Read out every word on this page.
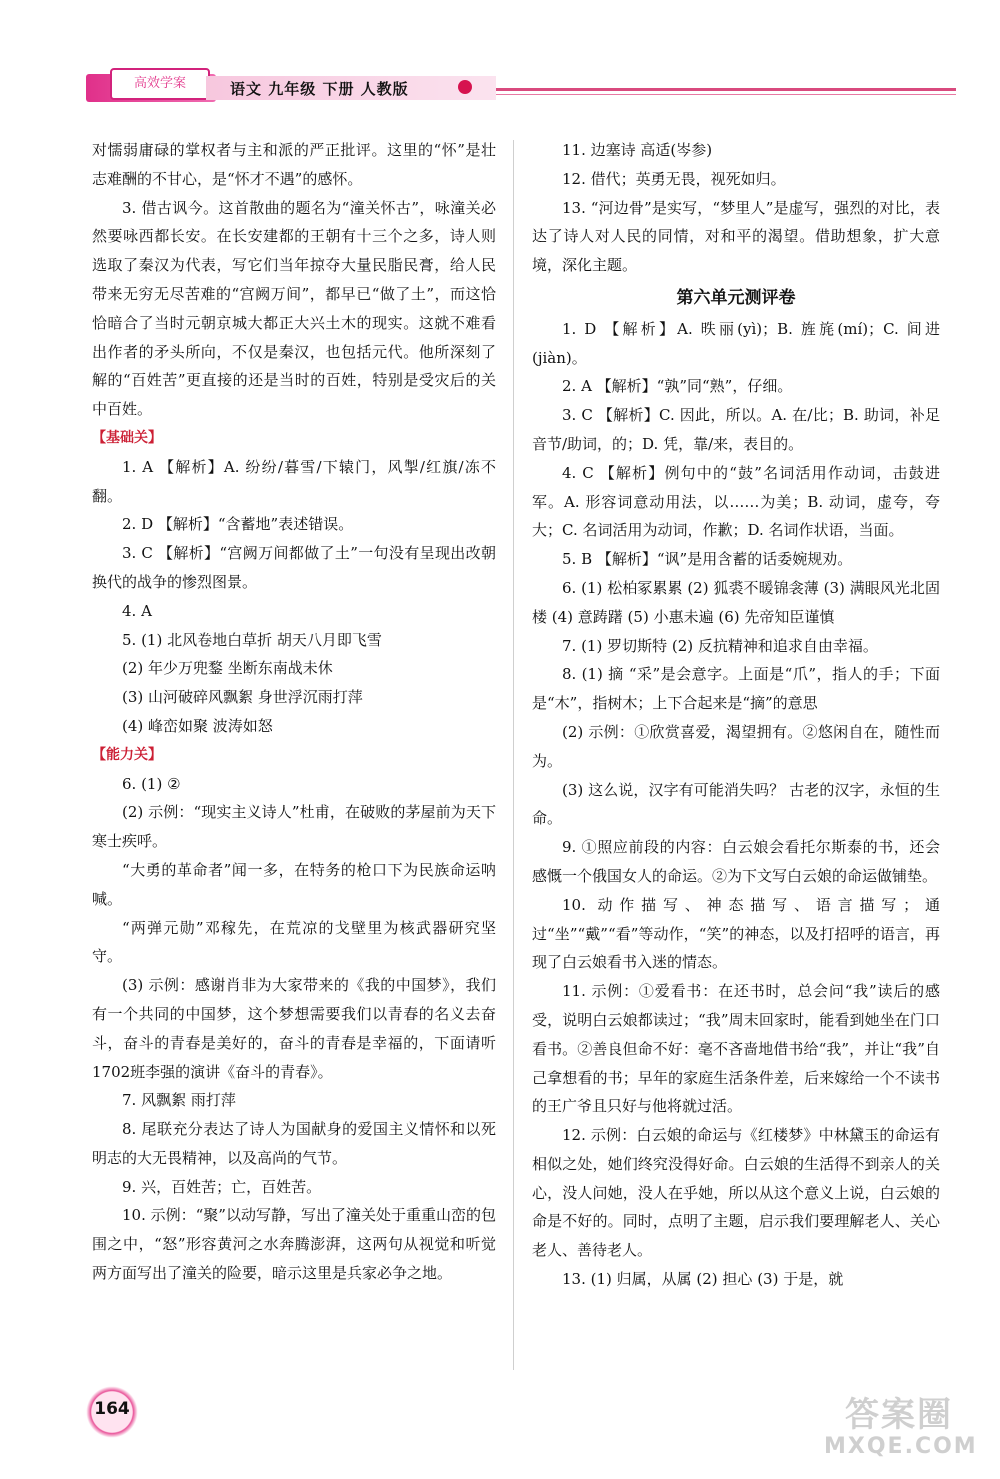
高效学案	语文 九年级 下册 人教版

对懦弱庸碌的掌权者与主和派的严正批评。这里的“怀”是壮志难酬的不甘心，是“怀才不遇”的感怀。

3. 借古讽今。这首散曲的题名为“潼关怀古”，咏潼关必然要咏西都长安。在长安建都的王朝有十三个之多，诗人则选取了秦汉为代表，写它们当年掠夺大量民脂民膏，给人民带来无穷无尽苦难的“宫阙万间”，都早已“做了土”，而这恰恰暗合了当时元朝京城大都正大兴土木的现实。这就不难看出作者的矛头所向，不仅是秦汉，也包括元代。他所深刻了解的“百姓苦”更直接的还是当时的百姓，特别是受灾后的关中百姓。

【基础关】

1. A 【解析】A. 纷纷/暮雪/下辕门，风掣/红旗/冻不翻。

2. D 【解析】“含蓄地”表述错误。

3. C 【解析】“宫阙万间都做了土”一句没有呈现出改朝换代的战争的惨烈图景。

4. A

5. (1) 北风卷地白草折 胡天八月即飞雪

(2) 年少万兜鍪 坐断东南战未休

(3) 山河破碎风飘絮 身世浮沉雨打萍

(4) 峰峦如聚 波涛如怒

【能力关】

6. (1) ②

(2) 示例：“现实主义诗人”杜甫，在破败的茅屋前为天下寒士疾呼。

“大勇的革命者”闻一多，在特务的枪口下为民族命运呐喊。

“两弹元勋”邓稼先，在荒凉的戈壁里为核武器研究坚守。

(3) 示例：感谢肖非为大家带来的《我的中国梦》，我们有一个共同的中国梦，这个梦想需要我们以青春的名义去奋斗，奋斗的青春是美好的，奋斗的青春是幸福的，下面请听1702班李强的演讲《奋斗的青春》。

7. 风飘絮 雨打萍

8. 尾联充分表达了诗人为国献身的爱国主义情怀和以死明志的大无畏精神，以及高尚的气节。

9. 兴，百姓苦；亡，百姓苦。

10. 示例：“聚”以动写静，写出了潼关处于重重山峦的包围之中，“怒”形容黄河之水奔腾澎湃，这两句从视觉和听觉两方面写出了潼关的险要，暗示这里是兵家必争之地。

11. 边塞诗 高适(岑参)

12. 借代；英勇无畏，视死如归。

13. “河边骨”是实写，“梦里人”是虚写，强烈的对比，表达了诗人对人民的同情，对和平的渴望。借助想象，扩大意境，深化主题。

第六单元测评卷

1. D 【解析】A. 昳丽(yì)；B. 旌旄(mí)；C. 间进(jiàn)。

2. A 【解析】“孰”同“熟”，仔细。

3. C 【解析】C. 因此，所以。A. 在/比；B. 助词，补足音节/助词，的；D. 凭，靠/来，表目的。

4. C 【解析】例句中的“鼓”名词活用作动词，击鼓进军。A. 形容词意动用法，以……为美；B. 动词，虚夸，夸大；C. 名词活用为动词，作歉；D. 名词作状语，当面。

5. B 【解析】“讽”是用含蓄的话委婉规劝。

6. (1) 松柏冢累累 (2) 狐裘不暖锦衾薄 (3) 满眼风光北固楼 (4) 意踌躇 (5) 小惠未遍 (6) 先帝知臣谨慎

7. (1) 罗切斯特 (2) 反抗精神和追求自由幸福。

8. (1) 摘 “采”是会意字。上面是“爪”，指人的手；下面是“木”，指树木；上下合起来是“摘”的意思

(2) 示例：①欣赏喜爱，渴望拥有。②悠闲自在，随性而为。

(3) 这么说，汉字有可能消失吗？ 古老的汉字，永恒的生命。

9. ①照应前段的内容：白云娘会看托尔斯泰的书，还会感慨一个俄国女人的命运。②为下文写白云娘的命运做铺垫。

10. 动作描写、神态描写、语言描写；通过“坐”“戴”“看”等动作，“笑”的神态，以及打招呼的语言，再现了白云娘看书入迷的情态。

11. 示例：①爱看书：在还书时，总会问“我”读后的感受，说明白云娘都读过；“我”周末回家时，能看到她坐在门口看书。②善良但命不好：毫不吝啬地借书给“我”，并让“我”自己拿想看的书；早年的家庭生活条件差，后来嫁给一个不读书的王广爷且只好与他将就过活。

12. 示例：白云娘的命运与《红楼梦》中林黛玉的命运有相似之处，她们终究没得好命。白云娘的生活得不到亲人的关心，没人问她，没人在乎她，所以从这个意义上说，白云娘的命是不好的。同时，点明了主题，启示我们要理解老人、关心老人、善待老人。

13. (1) 归属，从属 (2) 担心 (3) 于是，就

164	答案圈
MXQE.COM
